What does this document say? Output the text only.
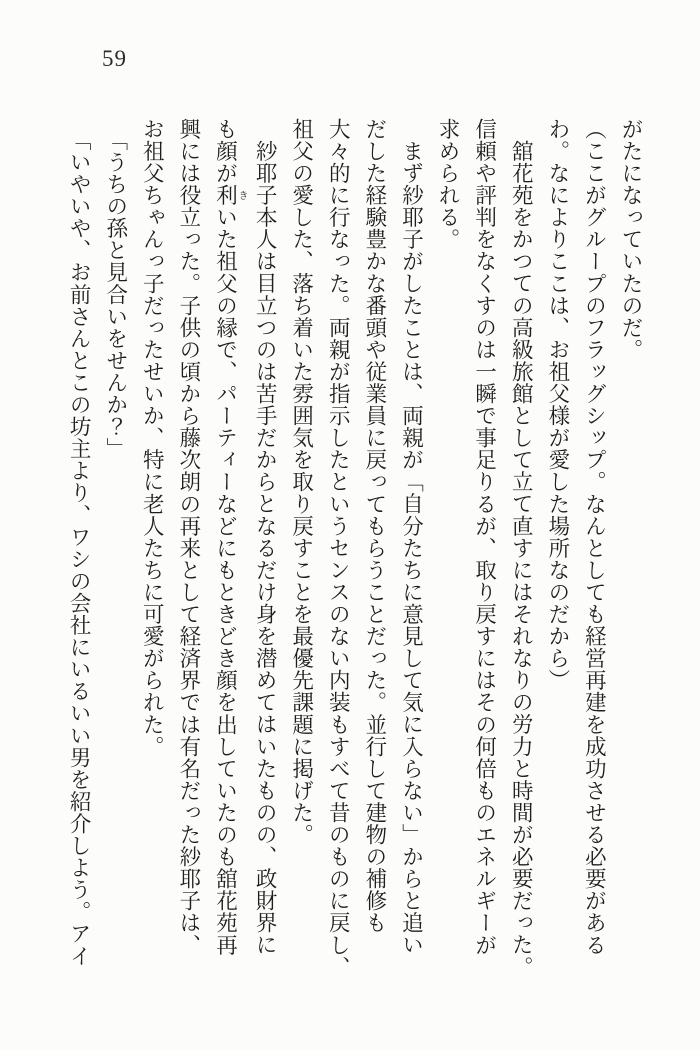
59

がたになっていたのだ。

（ここがグループのフラッグシップ。なんとしても経営再建を成功させる必要がある

わ。なによりここは、お祖父様が愛した場所なのだから）

舘花苑をかつての高級旅館として立て直すにはそれなりの労力と時間が必要だった。

信頼や評判をなくすのは一瞬で事足りるが、取り戻すにはその何倍ものエネルギーが

求められる。

まず紗耶子がしたことは、両親が「自分たちに意見して気に入らない」からと追い

だした経験豊かな番頭や従業員に戻ってもらうことだった。並行して建物の補修も

大々的に行なった。両親が指示したというセンスのない内装もすべて昔のものに戻し、

祖父の愛した、落ち着いた雰囲気を取り戻すことを最優先課題に掲げた。

紗耶子本人は目立つのは苦手だからとなるだけ身を潜めてはいたものの、政財界に

も顔が利きいた祖父の縁で、パーティーなどにもときどき顔を出していたのも舘花苑再

興には役立った。子供の頃から藤次朗の再来として経済界では有名だった紗耶子は、

お祖父ちゃんっ子だったせいか、特に老人たちに可愛がられた。

「うちの孫と見合いをせんか？」

「いやいや、お前さんとこの坊主より、ワシの会社にいるいい男を紹介しよう。アイ
